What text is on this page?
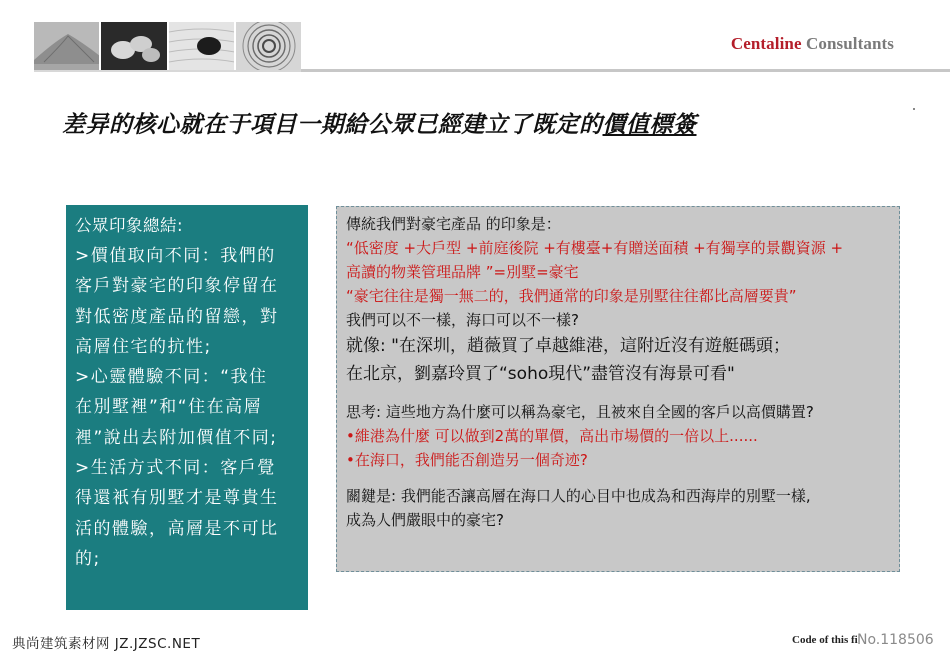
Centaline Consultants
差异的核心就在于項目一期給公眾已經建立了既定的價值標簽
公眾印象總結:
>價值取向不同：我們的
客戶對豪宅的印象停留在
對低密度產品的留戀，對
高層住宅的抗性;
>心靈體驗不同：“我住
在別墅裡”和“住在高層
裡”說出去附加價值不同;
>生活方式不同：客戶覺
得還衹有別墅才是尊貴生
活的體驗，高層是不可比
的;
傳統我們對豪宅產品 的印象是：
“低密度 +大戶型 +前庭後院 +有樓臺+有贈送面積 +有獨享的景觀資源 +
高讀的物業管理品牌 ”=別墅=豪宅
“豪宅往往是獨一無二的，我們通常的印象是別墅往往都比高層要貴”
我們可以不一樣，海口可以不一樣?
就像: "在深圳，趙薇買了卓越維港，這附近沒有遊艇碼頭；
在北京，劉嘉玲買了“soho現代”盡管沒有海景可看"
思考: 這些地方為什麼可以稱為豪宅，且被來自全國的客戶以高價購置?
•維港為什麼 可以做到2萬的單價，高出市場價的一倍以上......
•在海口，我們能否創造另一個奇迹?
關鍵是: 我們能否讓高層在海口人的心目中也成為和西海岸的別墅一樣,
成為人們嚴眼中的豪宅?
典尚建筑素材网 JZ.JZSC.NET	Code of this fi No.118506
